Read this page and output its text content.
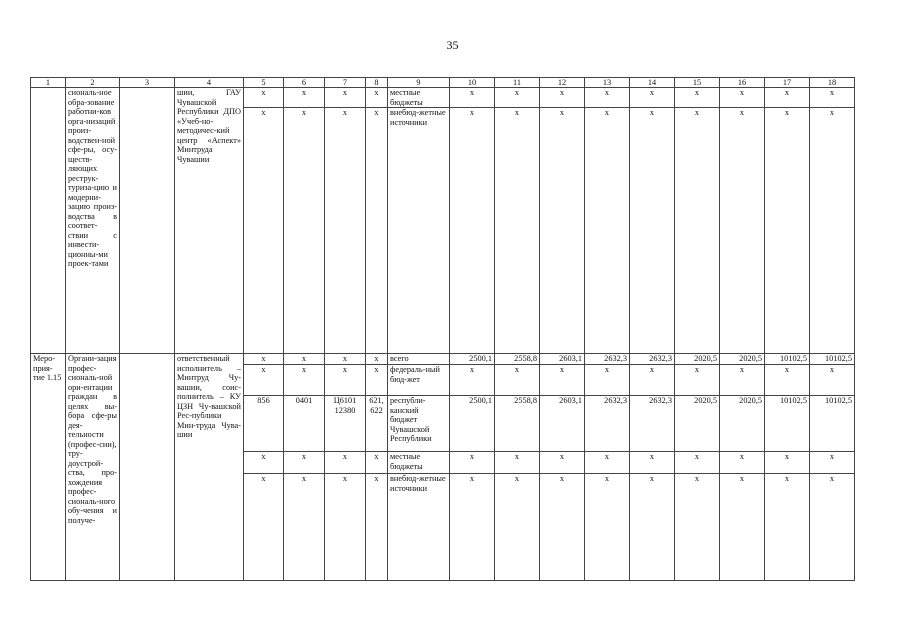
35
1	2	3	4	5	6	7	8	9	10	11	12	13	14	15	16	17	18
	сиональ-ное обра-зование работни-ков орга-низаций произ-водствен-ной сфе-ры, осу-ществ-ляющих реструк-туриза-цию и модерни-зацию произ-водства в соответ-ствии с инвести-ционны-ми проек-тами		шии, ГАУ Чувашской Республики ДПО «Учеб-но-методичес-кий центр «Аспект» Минтруда Чувашии	х	х	х	х	местные бюджеты	х	х	х	х	х	х	х	х	х
				х	х	х	х	внебюд-жетные источники	х	х	х	х	х	х	х	х	х
Меро-прия-тие 1.15	Органи-зация профес-сиональ-ной ори-ентации граждан в целях вы-бора сфе-ры дея-тельности (профес-сии), тру-доустрой-ства, про-хождения профес-сиональ-ного обу-чения и получе-		ответственный исполнитель – Минтруд Чу-вашии, соис-полнитель – КУ ЦЗН Чу-вашской Рес-публики Мин-труда Чува-шии	х	х	х	х	всего	2500,1	2558,8	2603,1	2632,3	2632,3	2020,5	2020,5	10102,5	10102,5
				х	х	х	х	федераль-ный бюд-жет	х	х	х	х	х	х	х	х	х
				856	0401	Ц6101 12380	621, 622	республи-канский бюджет Чувашской Республики	2500,1	2558,8	2603,1	2632,3	2632,3	2020,5	2020,5	10102,5	10102,5
				х	х	х	х	местные бюджеты	х	х	х	х	х	х	х	х	х
				х	х	х	х	внебюд-жетные источники	х	х	х	х	х	х	х	х	х
